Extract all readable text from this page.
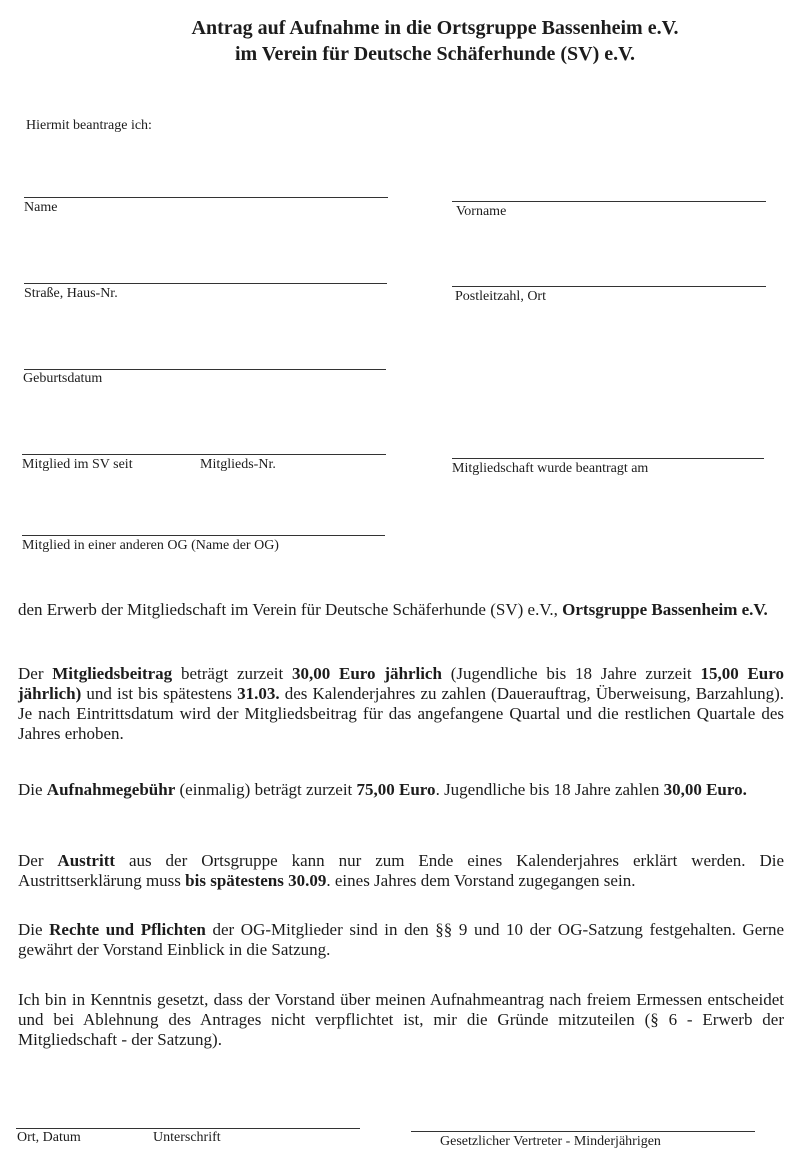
Antrag auf Aufnahme in die Ortsgruppe Bassenheim e.V.
im Verein für Deutsche Schäferhunde (SV) e.V.
Hiermit beantrage ich:
Name	Vorname
Straße, Haus-Nr.	Postleitzahl, Ort
Geburtsdatum
Mitglied im SV seit	Mitglieds-Nr.	Mitgliedschaft wurde beantragt am
Mitglied in einer anderen OG (Name der OG)
den Erwerb der Mitgliedschaft im Verein für Deutsche Schäferhunde (SV) e.V., Ortsgruppe Bassenheim e.V.
Der Mitgliedsbeitrag beträgt zurzeit 30,00 Euro jährlich (Jugendliche bis 18 Jahre zurzeit 15,00 Euro jährlich) und ist bis spätestens 31.03. des Kalenderjahres zu zahlen (Dauerauftrag, Überweisung, Barzahlung). Je nach Eintrittsdatum wird der Mitgliedsbeitrag für das angefangene Quartal und die restlichen Quartale des Jahres erhoben.
Die Aufnahmegebühr (einmalig) beträgt zurzeit 75,00 Euro. Jugendliche bis 18 Jahre zahlen 30,00 Euro.
Der Austritt aus der Ortsgruppe kann nur zum Ende eines Kalenderjahres erklärt werden. Die Austrittserklärung muss bis spätestens 30.09. eines Jahres dem Vorstand zugegangen sein.
Die Rechte und Pflichten der OG-Mitglieder sind in den §§ 9 und 10 der OG-Satzung festgehalten. Gerne gewährt der Vorstand Einblick in die Satzung.
Ich bin in Kenntnis gesetzt, dass der Vorstand über meinen Aufnahmeantrag nach freiem Ermessen entscheidet und bei Ablehnung des Antrages nicht verpflichtet ist, mir die Gründe mitzuteilen (§ 6 - Erwerb der Mitgliedschaft - der Satzung).
Ort, Datum	Unterschrift	Gesetzlicher Vertreter - Minderjährigen
